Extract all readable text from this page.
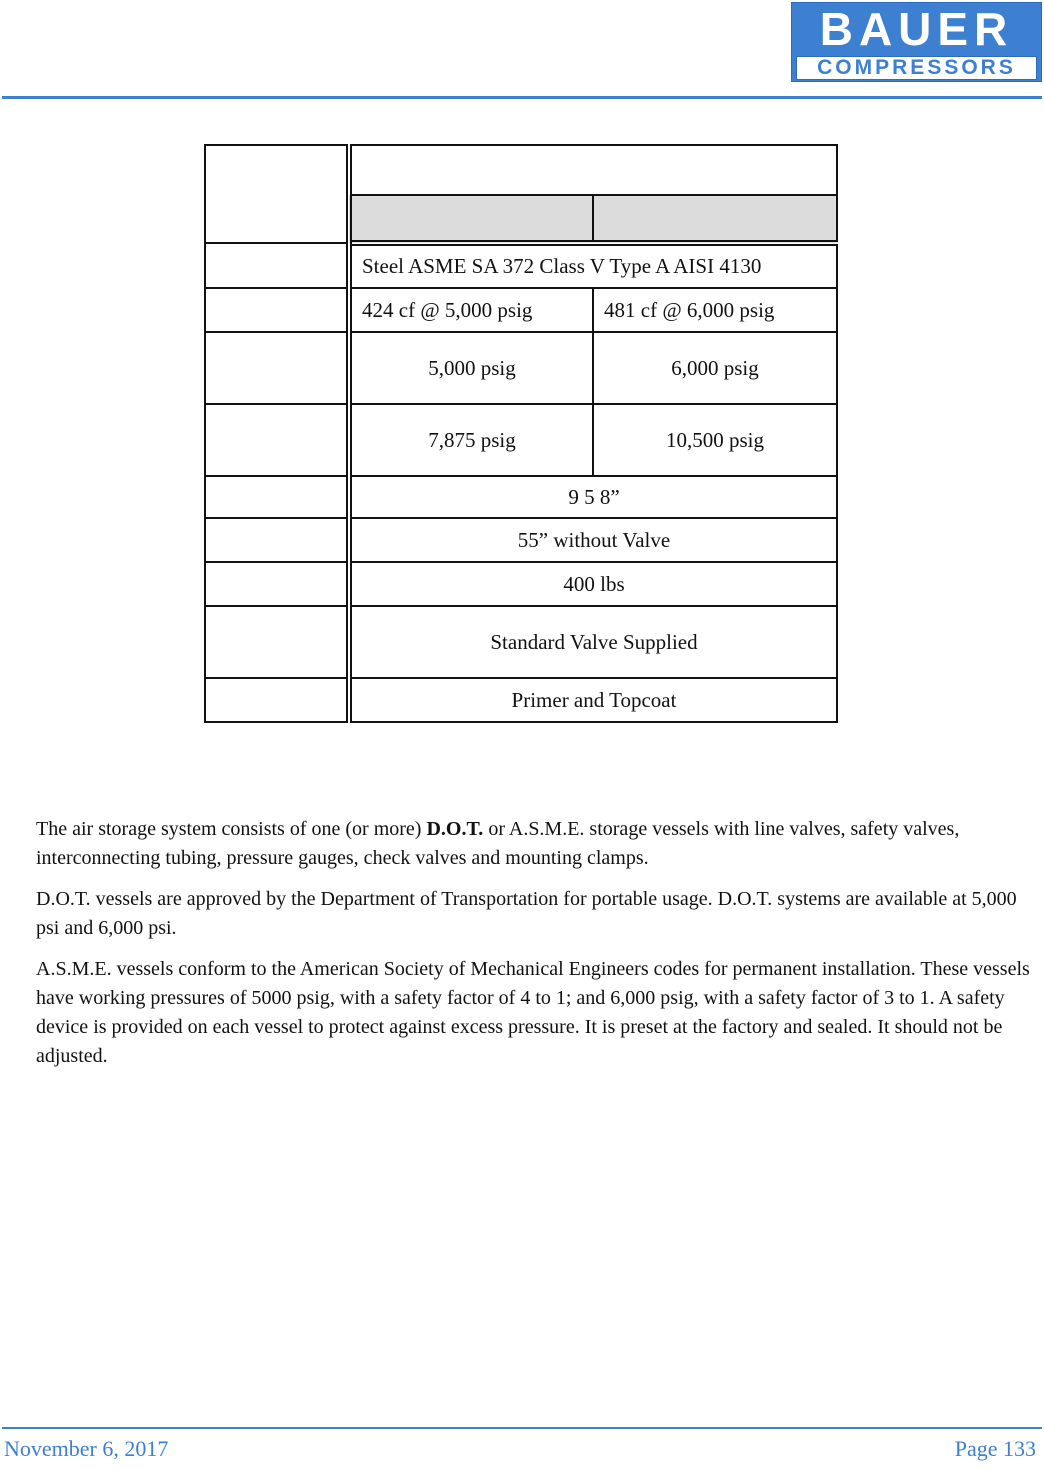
BAUER
COMPRESSORS

	Steel ASME SA 372 Class V Type A AISI 4130	
	424 cf @ 5,000 psig	481 cf @ 6,000 psig
	5,000 psig	6,000 psig
	7,875 psig	10,500 psig
	9 5 8”	
	55” without Valve	
	400 lbs	
	Standard Valve Supplied	
	Primer and Topcoat	

The air storage system consists of one (or more) D.O.T. or A.S.M.E. storage vessels with line valves, safety valves, interconnecting tubing, pressure gauges, check valves and mounting clamps.

D.O.T. vessels are approved by the Department of Transportation for portable usage. D.O.T. systems are available at 5,000 psi and 6,000 psi.

A.S.M.E. vessels conform to the American Society of Mechanical Engineers codes for permanent installation. These vessels have working pressures of 5000 psig, with a safety factor of 4 to 1; and 6,000 psig, with a safety factor of 3 to 1. A safety device is provided on each vessel to protect against excess pressure. It is preset at the factory and sealed. It should not be adjusted.

November 6, 2017	Page 133
